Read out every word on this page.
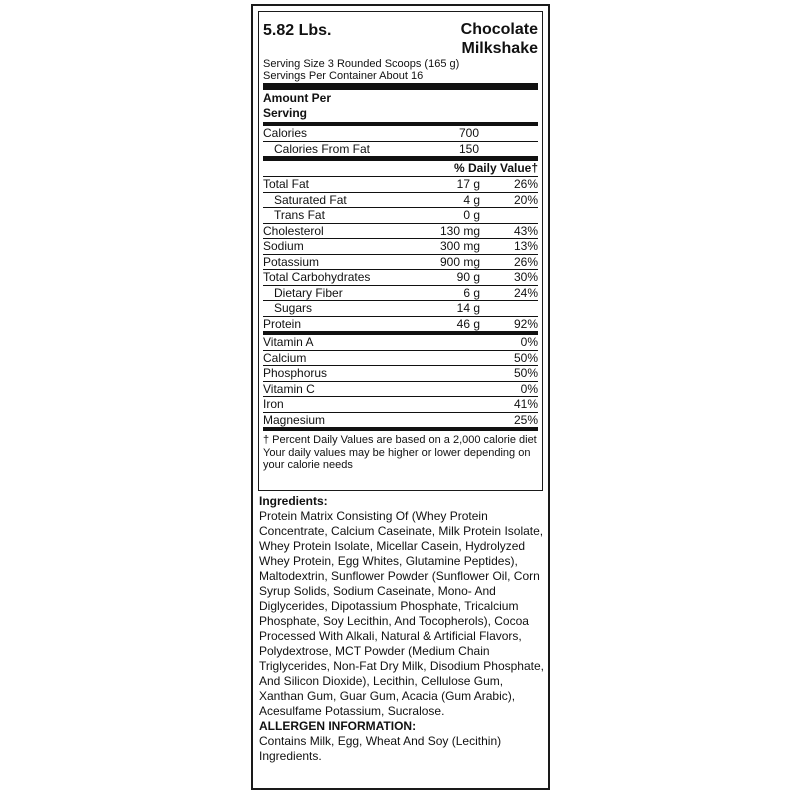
5.82 Lbs.	Chocolate
Milkshake
Serving Size 3 Rounded Scoops (165 g)
Servings Per Container About 16
Amount Per
Serving
Calories	700
Calories From Fat	150
% Daily Value†
Total Fat	17 g	26%
Saturated Fat	4 g	20%
Trans Fat	0 g
Cholesterol	130 mg	43%
Sodium	300 mg	13%
Potassium	900 mg	26%
Total Carbohydrates	90 g	30%
Dietary Fiber	6 g	24%
Sugars	14 g
Protein	46 g	92%
Vitamin A	0%
Calcium	50%
Phosphorus	50%
Vitamin C	0%
Iron	41%
Magnesium	25%
† Percent Daily Values are based on a 2,000 calorie diet Your daily values may be higher or lower depending on your calorie needs
Ingredients:
Protein Matrix Consisting Of (Whey Protein Concentrate, Calcium Caseinate, Milk Protein Isolate, Whey Protein Isolate, Micellar Casein, Hydrolyzed Whey Protein, Egg Whites, Glutamine Peptides), Maltodextrin, Sunflower Powder (Sunflower Oil, Corn Syrup Solids, Sodium Caseinate, Mono- And Diglycerides, Dipotassium Phosphate, Tricalcium Phosphate, Soy Lecithin, And Tocopherols), Cocoa Processed With Alkali, Natural & Artificial Flavors, Polydextrose, MCT Powder (Medium Chain Triglycerides, Non-Fat Dry Milk, Disodium Phosphate, And Silicon Dioxide), Lecithin, Cellulose Gum, Xanthan Gum, Guar Gum, Acacia (Gum Arabic), Acesulfame Potassium, Sucralose.
ALLERGEN INFORMATION:
Contains Milk, Egg, Wheat And Soy (Lecithin) Ingredients.
